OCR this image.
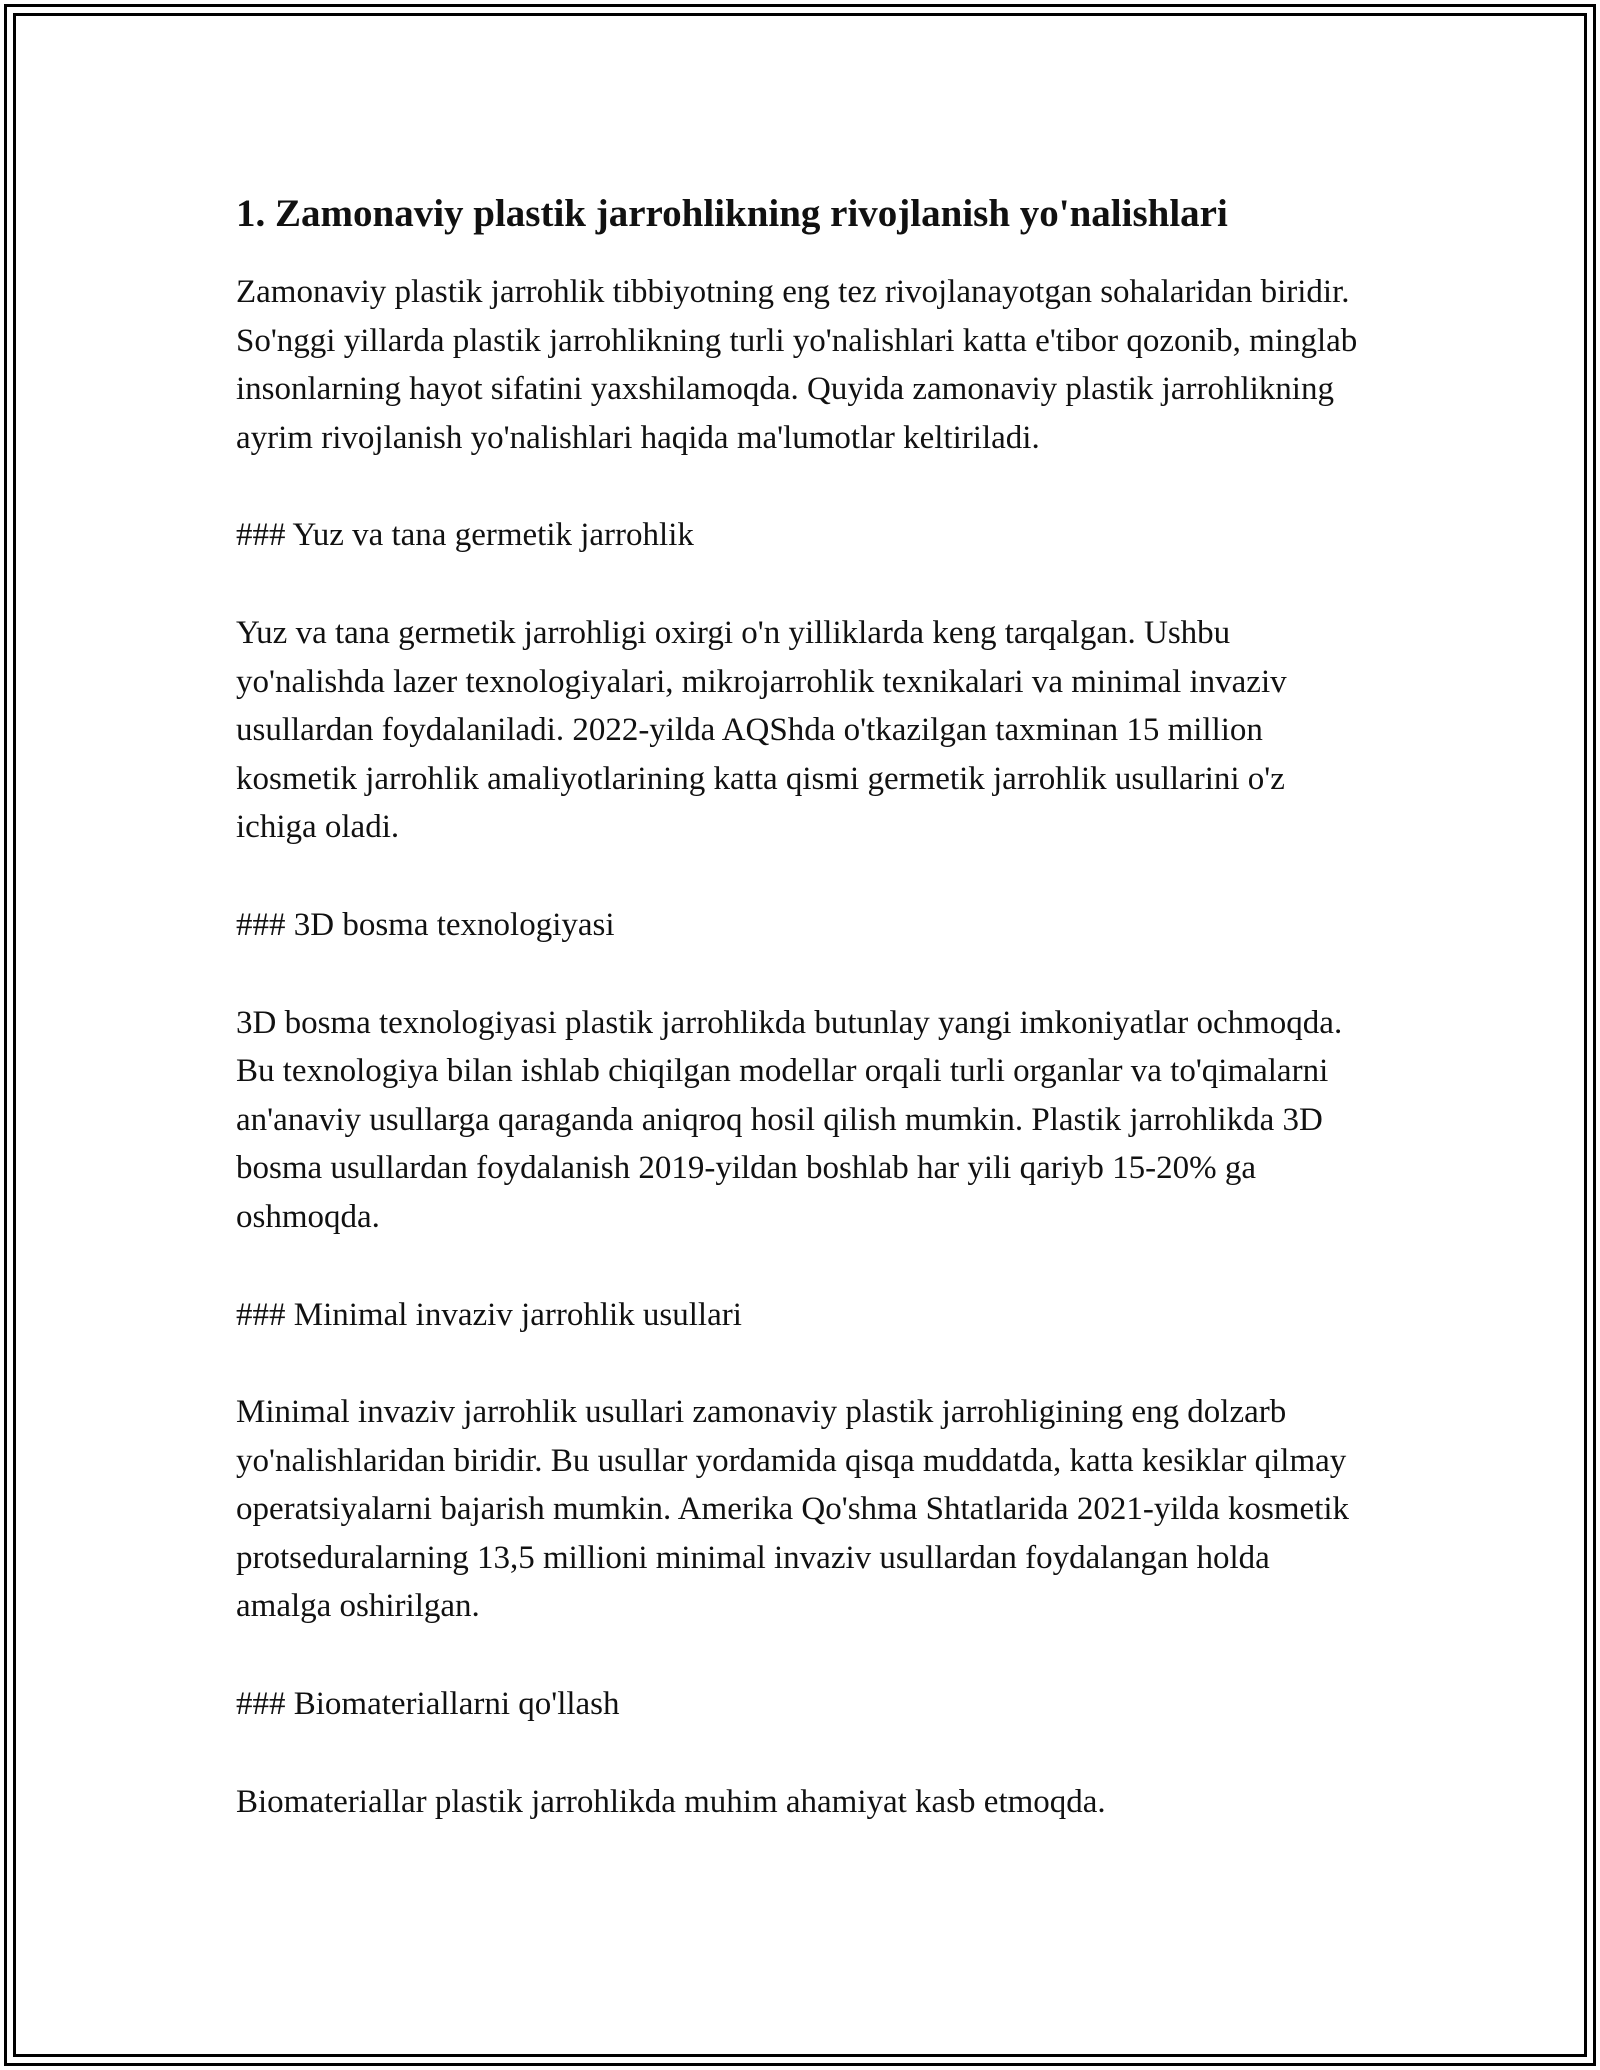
1. Zamonaviy plastik jarrohlikning rivojlanish yo'nalishlari

Zamonaviy plastik jarrohlik tibbiyotning eng tez rivojlanayotgan sohalaridan biridir. So'nggi yillarda plastik jarrohlikning turli yo'nalishlari katta e'tibor qozonib, minglab insonlarning hayot sifatini yaxshilamoqda. Quyida zamonaviy plastik jarrohlikning ayrim rivojlanish yo'nalishlari haqida ma'lumotlar keltiriladi.

### Yuz va tana germetik jarrohlik

Yuz va tana germetik jarrohligi oxirgi o'n yilliklarda keng tarqalgan. Ushbu yo'nalishda lazer texnologiyalari, mikrojarrohlik texnikalari va minimal invaziv usullardan foydalaniladi. 2022-yilda AQShda o'tkazilgan taxminan 15 million kosmetik jarrohlik amaliyotlarining katta qismi germetik jarrohlik usullarini o'z ichiga oladi.

### 3D bosma texnologiyasi

3D bosma texnologiyasi plastik jarrohlikda butunlay yangi imkoniyatlar ochmoqda. Bu texnologiya bilan ishlab chiqilgan modellar orqali turli organlar va to'qimalarni an'anaviy usullarga qaraganda aniqroq hosil qilish mumkin. Plastik jarrohlikda 3D bosma usullardan foydalanish 2019-yildan boshlab har yili qariyb 15-20% ga oshmoqda.

### Minimal invaziv jarrohlik usullari

Minimal invaziv jarrohlik usullari zamonaviy plastik jarrohligining eng dolzarb yo'nalishlaridan biridir. Bu usullar yordamida qisqa muddatda, katta kesiklar qilmay operatsiyalarni bajarish mumkin. Amerika Qo'shma Shtatlarida 2021-yilda kosmetik protseduralarning 13,5 millioni minimal invaziv usullardan foydalangan holda amalga oshirilgan.

### Biomateriallarni qo'llash

Biomateriallar plastik jarrohlikda muhim ahamiyat kasb etmoqda.
